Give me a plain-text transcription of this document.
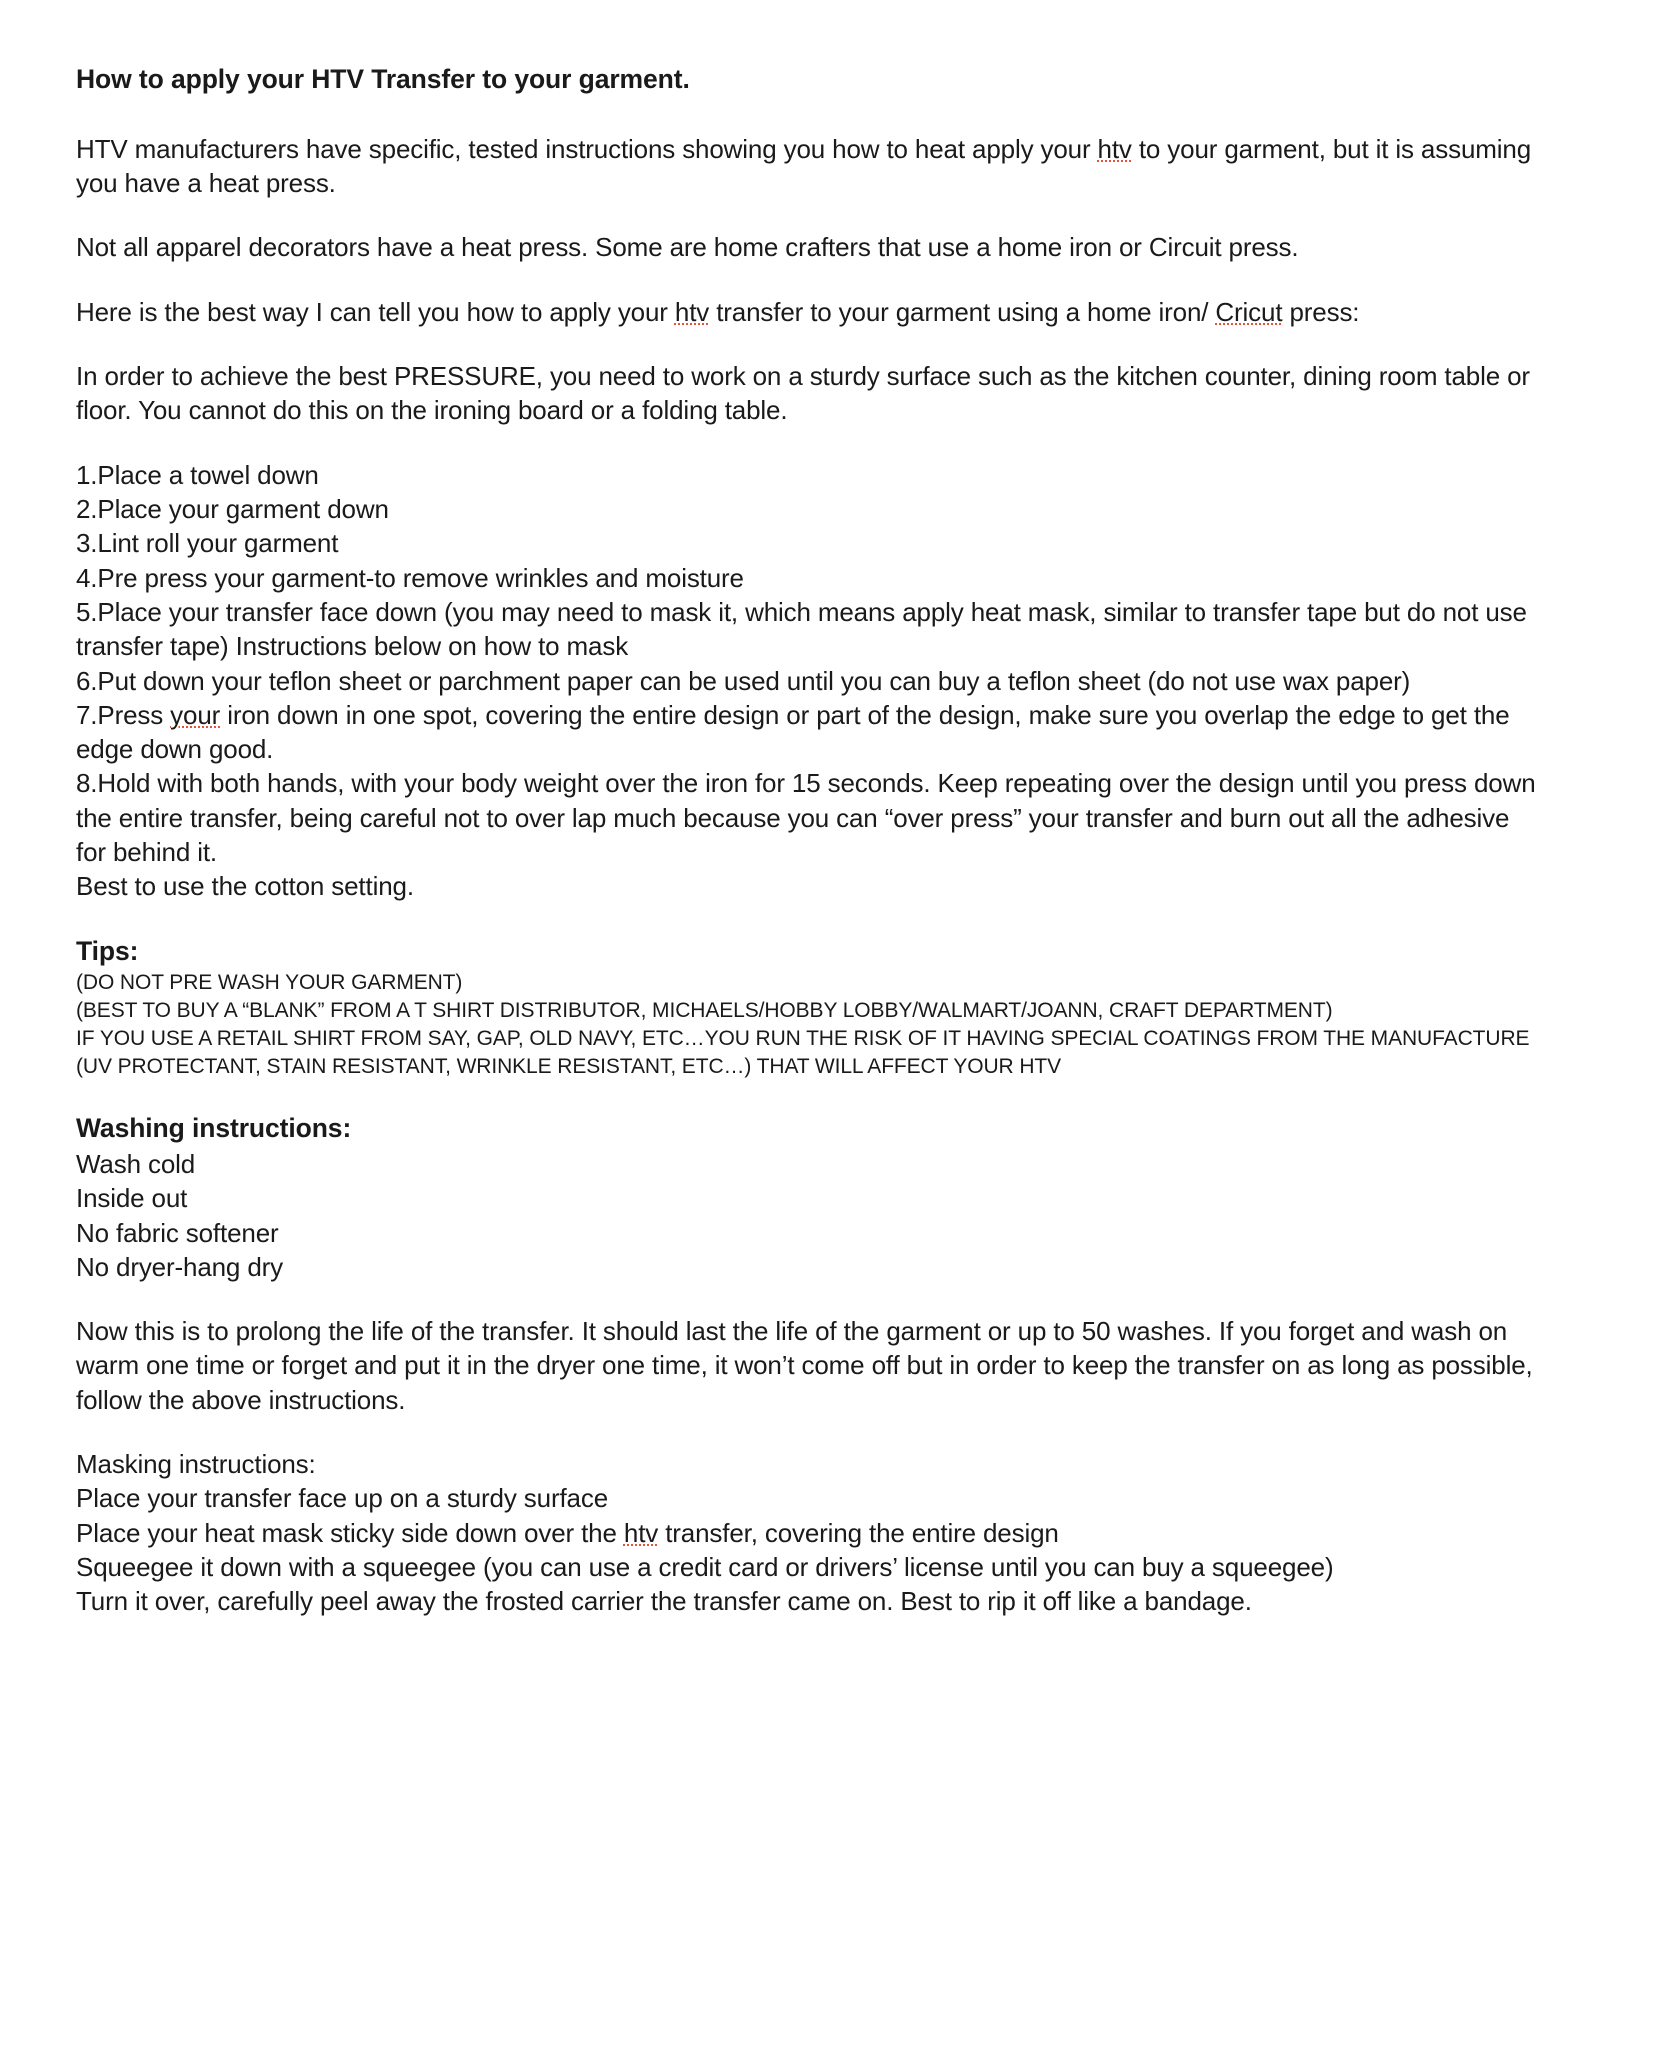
How to apply your HTV Transfer to your garment.

HTV manufacturers have specific, tested instructions showing you how to heat apply your htv to your garment, but it is assuming you have a heat press.

Not all apparel decorators have a heat press. Some are home crafters that use a home iron or Circuit press.

Here is the best way I can tell you how to apply your htv transfer to your garment using a home iron/ Cricut press:

In order to achieve the best PRESSURE, you need to work on a sturdy surface such as the kitchen counter, dining room table or floor. You cannot do this on the ironing board or a folding table.

1.Place a towel down

2.Place your garment down

3.Lint roll your garment

4.Pre press your garment-to remove wrinkles and moisture

5.Place your transfer face down (you may need to mask it, which means apply heat mask, similar to transfer tape but do not use transfer tape) Instructions below on how to mask

6.Put down your teflon sheet or parchment paper can be used until you can buy a teflon sheet (do not use wax paper)

7.Press your iron down in one spot, covering the entire design or part of the design, make sure you overlap the edge to get the edge down good.

8.Hold with both hands, with your body weight over the iron for 15 seconds. Keep repeating over the design until you press down the entire transfer, being careful not to over lap much because you can “over press” your transfer and burn out all the adhesive for behind it.

Best to use the cotton setting.

Tips:

(DO NOT PRE WASH YOUR GARMENT)

(BEST TO BUY A “BLANK” FROM A T SHIRT DISTRIBUTOR, MICHAELS/HOBBY LOBBY/WALMART/JOANN, CRAFT DEPARTMENT)

IF YOU USE A RETAIL SHIRT FROM SAY, GAP, OLD NAVY, ETC…YOU RUN THE RISK OF IT HAVING SPECIAL COATINGS FROM THE MANUFACTURE (UV PROTECTANT, STAIN RESISTANT, WRINKLE RESISTANT, ETC…) THAT WILL AFFECT YOUR HTV

Washing instructions:

Wash cold

Inside out

No fabric softener

No dryer-hang dry

Now this is to prolong the life of the transfer. It should last the life of the garment or up to 50 washes. If you forget and wash on warm one time or forget and put it in the dryer one time, it won’t come off but in order to keep the transfer on as long as possible, follow the above instructions.

Masking instructions:

Place your transfer face up on a sturdy surface

Place your heat mask sticky side down over the htv transfer, covering the entire design

Squeegee it down with a squeegee (you can use a credit card or drivers’ license until you can buy a squeegee)

Turn it over, carefully peel away the frosted carrier the transfer came on. Best to rip it off like a bandage.
